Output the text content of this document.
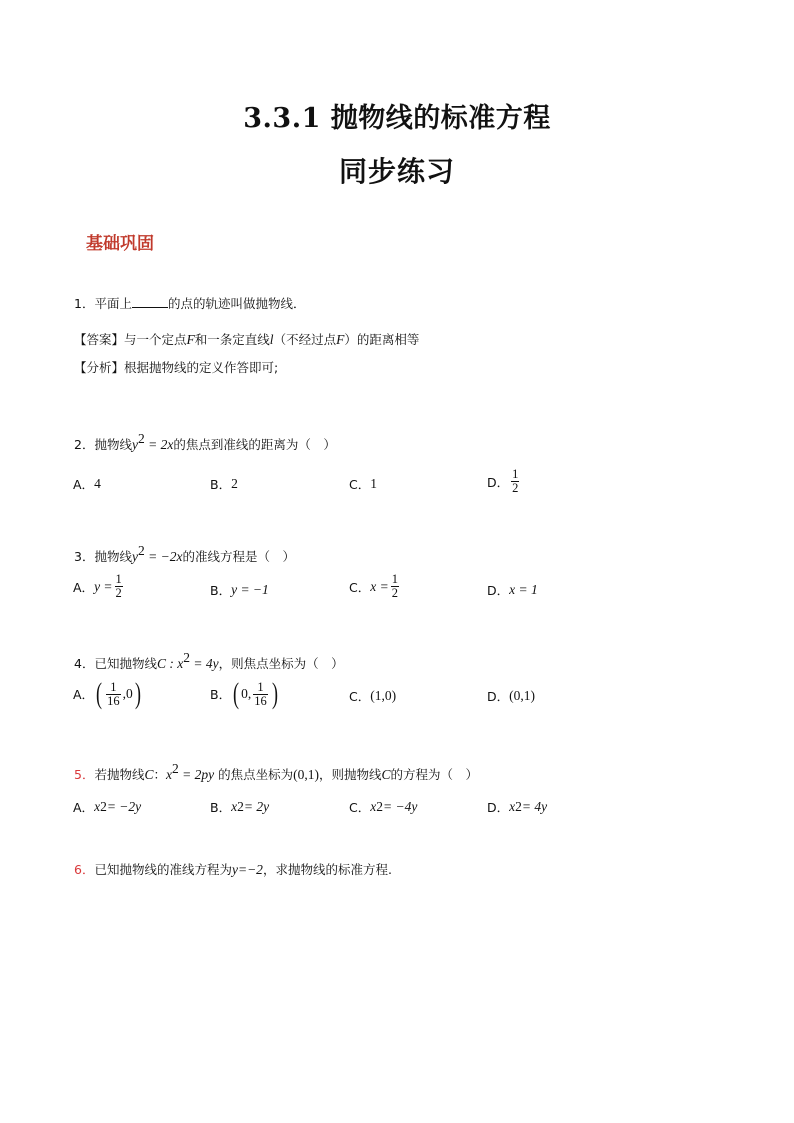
3.3.1 抛物线的标准方程
同步练习
基础巩固
1．平面上	的点的轨迹叫做抛物线．
【答案】与一个定点F和一条定直线l（不经过点F）的距离相等
【分析】根据抛物线的定义作答即可;
2．抛物线$y^2 = 2x$的焦点到准线的距离为（　）
A． 4	B． 2	C． 1	D． $\frac{1}{2}$
3．抛物线$y^2 = -2x$的准线方程是（　）
A． $y = \frac{1}{2}$	B． y = −1	C． $x = \frac{1}{2}$	D． x = 1
4．已知抛物线C : $x^2 = 4y$，则焦点坐标为（　）
A． ( $\frac{1}{16} ,0$ )	B． ( 0, $\frac{1}{16}$ )	C． (1,0)	D． (0,1)
5．若抛物线C：$x^2 = 2py$ 的焦点坐标为(0,1)，则抛物线C的方程为（　）
A． x 2 = −2y	B． x 2 = 2y	C． x 2 = −4y	D． x 2 = 4y
6．已知抛物线的准线方程为y=−2，求抛物线的标准方程.
